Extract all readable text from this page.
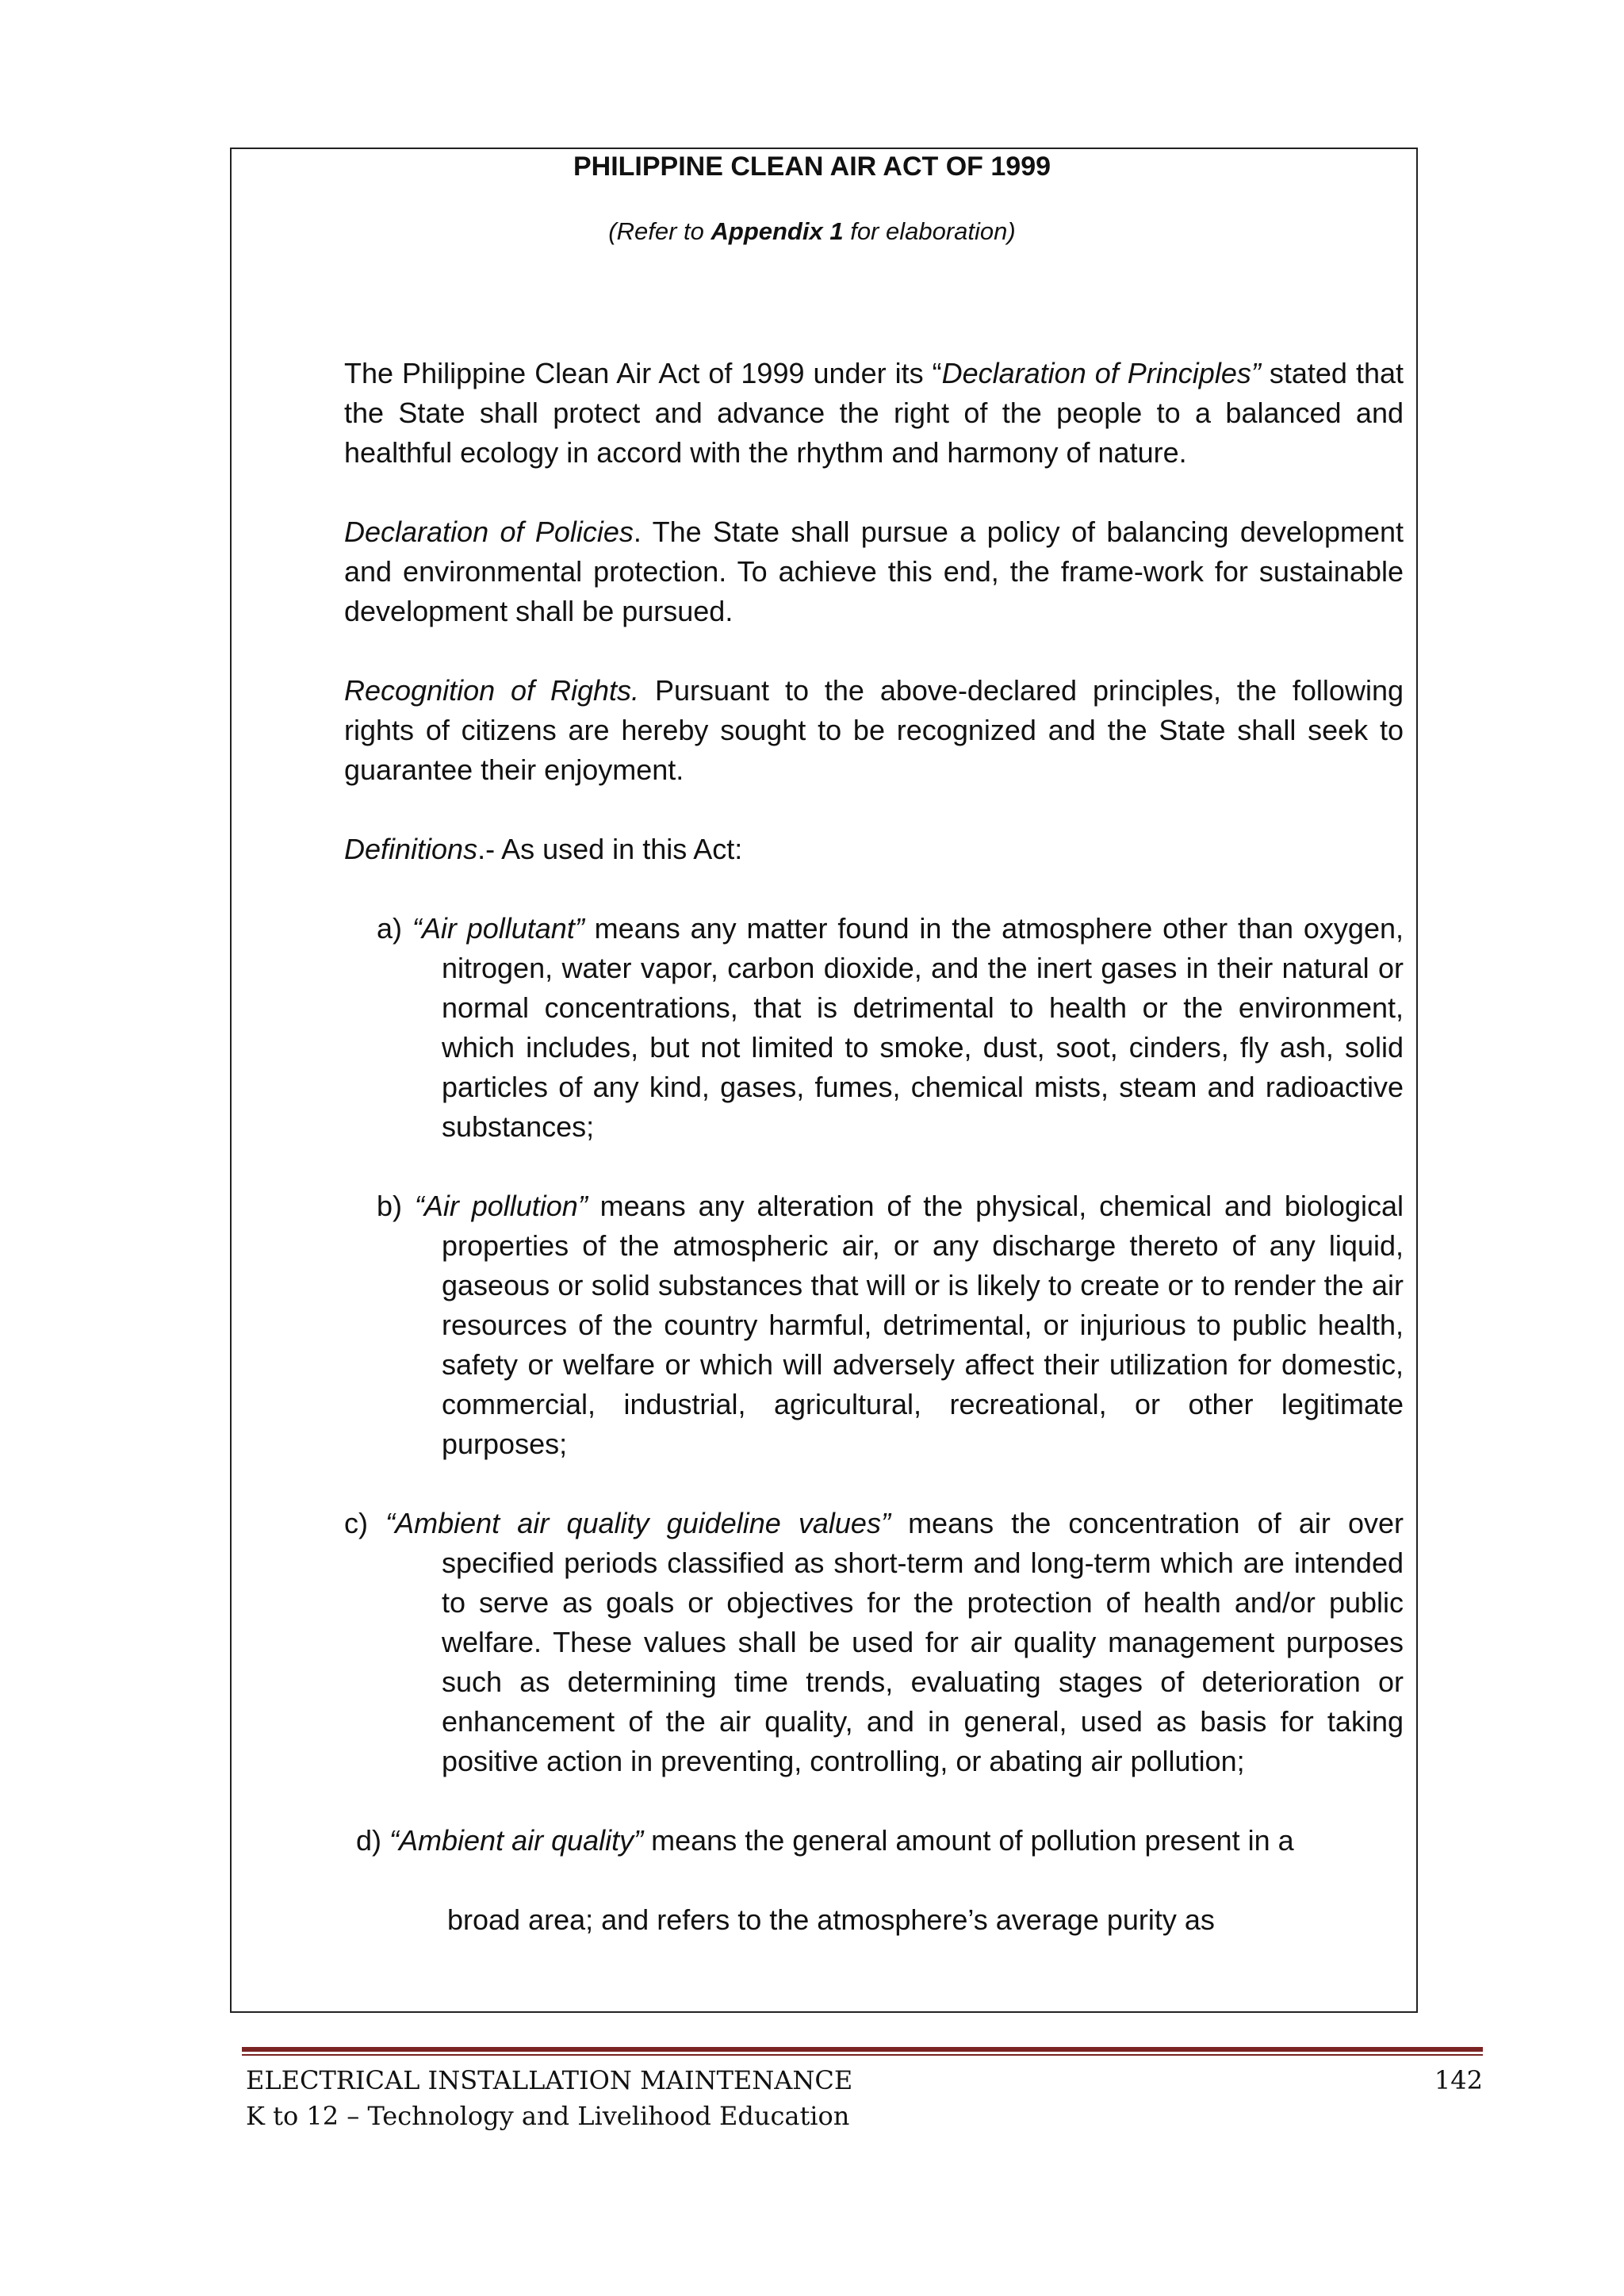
PHILIPPINE CLEAN AIR ACT OF 1999

(Refer to Appendix 1 for elaboration)

The Philippine Clean Air Act of 1999 under its “Declaration of Principles” stated that the State shall protect and advance the right of the people to a balanced and healthful ecology in accord with the rhythm and harmony of nature.

Declaration of Policies. The State shall pursue a policy of balancing development and environmental protection. To achieve this end, the frame-work for sustainable development shall be pursued.

Recognition of Rights. Pursuant to the above-declared principles, the following rights of citizens are hereby sought to be recognized and the State shall seek to guarantee their enjoyment.

Definitions.- As used in this Act:

a) “Air pollutant” means any matter found in the atmosphere other than oxygen, nitrogen, water vapor, carbon dioxide, and the inert gases in their natural or normal concentrations, that is detrimental to health or the environment, which includes, but not limited to smoke, dust, soot, cinders, fly ash, solid particles of any kind, gases, fumes, chemical mists, steam and radioactive substances;

b) “Air pollution” means any alteration of the physical, chemical and biological properties of the atmospheric air, or any discharge thereto of any liquid, gaseous or solid substances that will or is likely to create or to render the air resources of the country harmful, detrimental, or injurious to public health, safety or welfare or which will adversely affect their utilization for domestic, commercial, industrial, agricultural, recreational, or other legitimate purposes;

c) “Ambient air quality guideline values” means the concentration of air over specified periods classified as short-term and long-term which are intended to serve as goals or objectives for the protection of health and/or public welfare. These values shall be used for air quality management purposes such as determining time trends, evaluating stages of deterioration or enhancement of the air quality, and in general, used as basis for taking positive action in preventing, controlling, or abating air pollution;

d) “Ambient air quality” means the general amount of pollution present in a

broad area; and refers to the atmosphere’s average purity as

ELECTRICAL INSTALLATION MAINTENANCE
K to 12 – Technology and Livelihood Education
142
